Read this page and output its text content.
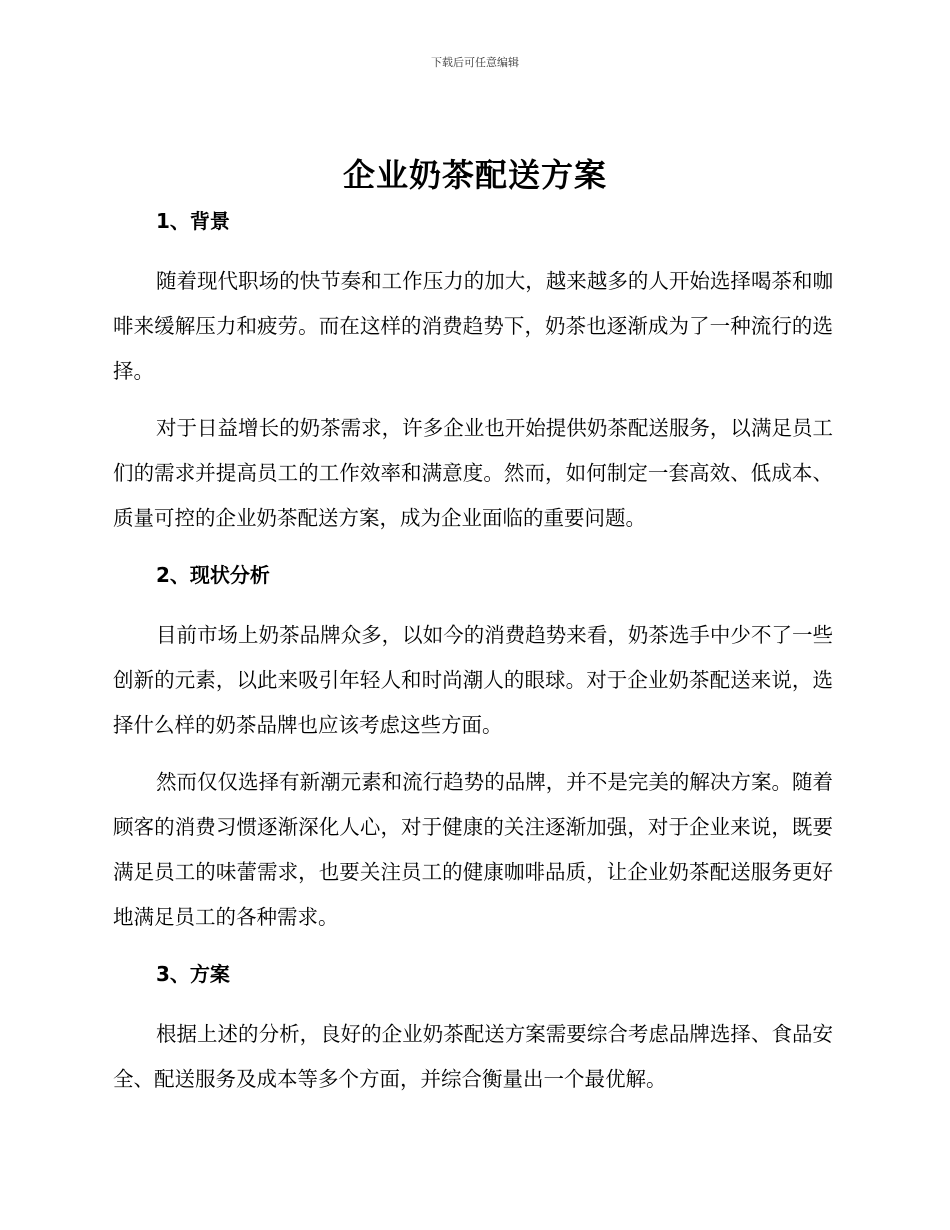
下载后可任意编辑
企业奶茶配送方案
1、背景

随着现代职场的快节奏和工作压力的加大，越来越多的人开始选择喝茶和咖啡来缓解压力和疲劳。而在这样的消费趋势下，奶茶也逐渐成为了一种流行的选择。

对于日益增长的奶茶需求，许多企业也开始提供奶茶配送服务，以满足员工们的需求并提高员工的工作效率和满意度。然而，如何制定一套高效、低成本、质量可控的企业奶茶配送方案，成为企业面临的重要问题。

2、现状分析

目前市场上奶茶品牌众多，以如今的消费趋势来看，奶茶选手中少不了一些创新的元素，以此来吸引年轻人和时尚潮人的眼球。对于企业奶茶配送来说，选择什么样的奶茶品牌也应该考虑这些方面。

然而仅仅选择有新潮元素和流行趋势的品牌，并不是完美的解决方案。随着顾客的消费习惯逐渐深化人心，对于健康的关注逐渐加强，对于企业来说，既要满足员工的味蕾需求，也要关注员工的健康咖啡品质，让企业奶茶配送服务更好地满足员工的各种需求。

3、方案

根据上述的分析，良好的企业奶茶配送方案需要综合考虑品牌选择、食品安全、配送服务及成本等多个方面，并综合衡量出一个最优解。
